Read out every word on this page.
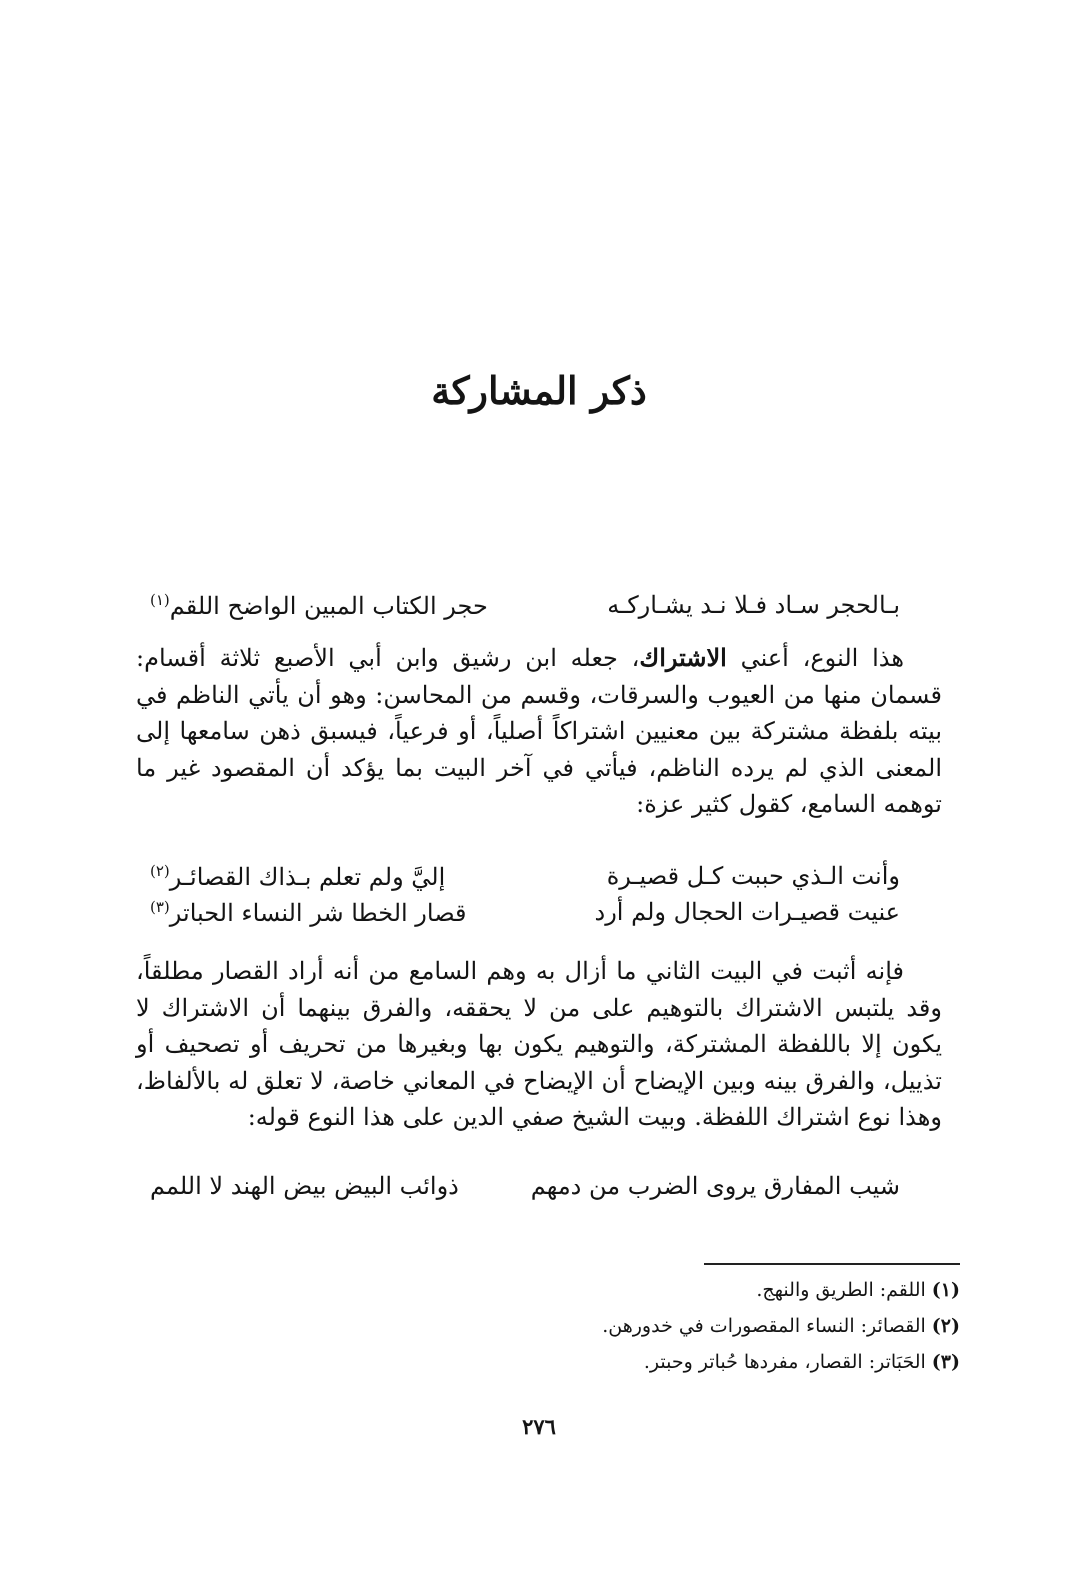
ذكر المشاركة
بـالحجر سـاد فـلا نـد يشـاركـه
حجر الكتاب المبين الواضح اللقم$^{(١)}$

هذا النوع، أعني الاشتراك، جعله ابن رشيق وابن أبي الأصبع ثلاثة أقسام: قسمان منها من العيوب والسرقات، وقسم من المحاسن: وهو أن يأتي الناظم في بيته بلفظة مشتركة بين معنيين اشتراكاً أصلياً، أو فرعياً، فيسبق ذهن سامعها إلى المعنى الذي لم يرده الناظم، فيأتي في آخر البيت بما يؤكد أن المقصود غير ما توهمه السامع، كقول كثير عزة:

وأنت الـذي حببت كـل قصيـرة
إليَّ ولم تعلم بـذاك القصائـر$^{(٢)}$
عنيت قصيـرات الحجال ولم أرد
قصار الخطا شر النساء الحباتر$^{(٣)}$

فإنه أثبت في البيت الثاني ما أزال به وهم السامع من أنه أراد القصار مطلقاً، وقد يلتبس الاشتراك بالتوهيم على من لا يحققه، والفرق بينهما أن الاشتراك لا يكون إلا باللفظة المشتركة، والتوهيم يكون بها وبغيرها من تحريف أو تصحيف أو تذييل، والفرق بينه وبين الإيضاح أن الإيضاح في المعاني خاصة، لا تعلق له بالألفاظ، وهذا نوع اشتراك اللفظة. وبيت الشيخ صفي الدين على هذا النوع قوله:

شيب المفارق يروى الضرب من دمهم
ذوائب البيض بيض الهند لا اللمم
(١)اللقم: الطريق والنهج.
(٢)القصائر: النساء المقصورات في خدورهن.
(٣)الحَبَاتر: القصار، مفردها حُباتر وحبتر.
٢٧٦
